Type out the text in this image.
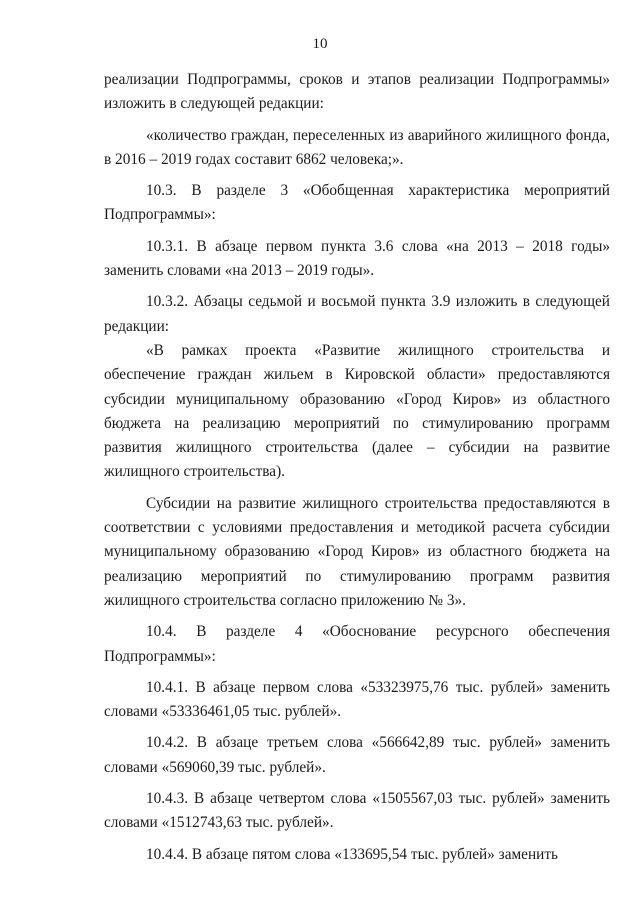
10

реализации Подпрограммы, сроков и этапов реализации Подпрограммы» изложить в следующей редакции:

«количество граждан, переселенных из аварийного жилищного фонда, в 2016 – 2019 годах составит 6862 человека;».

10.3. В разделе 3 «Обобщенная характеристика мероприятий Подпрограммы»:

10.3.1. В абзаце первом пункта 3.6 слова «на 2013 – 2018 годы» заменить словами «на 2013 – 2019 годы».

10.3.2. Абзацы седьмой и восьмой пункта 3.9 изложить в следующей редакции:

«В рамках проекта «Развитие жилищного строительства и обеспечение граждан жильем в Кировской области» предоставляются субсидии муниципальному образованию «Город Киров» из областного бюджета на реализацию мероприятий по стимулированию программ развития жилищного строительства (далее – субсидии на развитие жилищного строительства).

Субсидии на развитие жилищного строительства предоставляются в соответствии с условиями предоставления и методикой расчета субсидии муниципальному образованию «Город Киров» из областного бюджета на реализацию мероприятий по стимулированию программ развития жилищного строительства согласно приложению № 3».

10.4. В разделе 4 «Обоснование ресурсного обеспечения Подпрограммы»:

10.4.1. В абзаце первом слова «53323975,76 тыс. рублей» заменить словами «53336461,05 тыс. рублей».

10.4.2. В абзаце третьем слова «566642,89 тыс. рублей» заменить словами «569060,39 тыс. рублей».

10.4.3. В абзаце четвертом слова «1505567,03 тыс. рублей» заменить словами «1512743,63 тыс. рублей».

10.4.4. В абзаце пятом слова «133695,54 тыс. рублей» заменить
